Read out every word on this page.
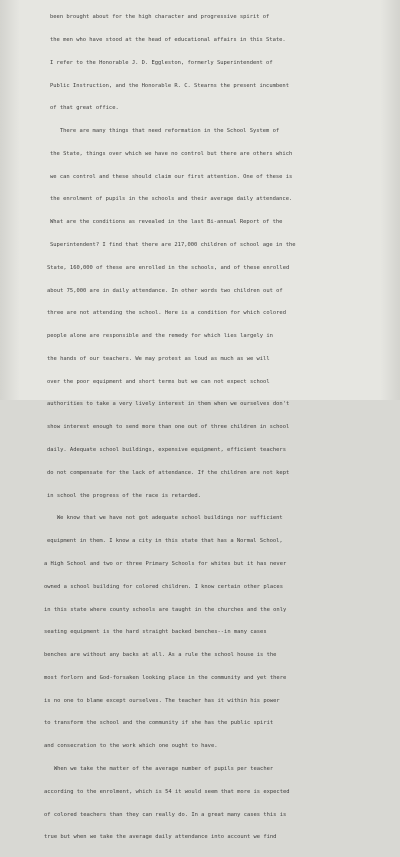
been brought about for the high character and progressive spirit of

the men who have stood at the head of educational affairs in this State.

I refer to the Honorable J. D. Eggleston, formerly Superintendent of

Public Instruction, and the Honorable R. C. Stearns the present incumbent

of that great office.

There are many things that need reformation in the School System of

the State, things over which we have no control but there are others which

we can control and these should claim our first attention. One of these is

the enrolment of pupils in the schools and their average daily attendance.

What are the conditions as revealed in the last Bi-annual Report of the

Superintendent? I find that there are 217,000 children of school age in the

State, 160,000 of these are enrolled in the schools, and of these enrolled

about 75,000 are in daily attendance. In other words two children out of

three are not attending the school. Here is a condition for which colored

people alone are responsible and the remedy for which lies largely in

the hands of our teachers. We may protest as loud as much as we will

over the poor equipment and short terms but we can not expect school

authorities to take a very lively interest in them when we ourselves don't

show interest enough to send more than one out of three children in school

daily. Adequate school buildings, expensive equipment, efficient teachers

do not compensate for the lack of attendance. If the children are not kept

in school the progress of the race is retarded.

We know that we have not got adequate school buildings nor sufficient

equipment in them. I know a city in this state that has a Normal School,

a High School and two or three Primary Schools for whites but it has never

owned a school building for colored children. I know certain other places

in this state where county schools are taught in the churches and the only

seating equipment is the hard straight backed benches--in many cases

benches are without any backs at all. As a rule the school house is the

most forlorn and God-forsaken looking place in the community and yet there

is no one to blame except ourselves. The teacher has it within his power

to transform the school and the community if she has the public spirit

and consecration to the work which one ought to have.

When we take the matter of the average number of pupils per teacher

according to the enrolment, which is 54 it would seem that more is expected

of colored teachers than they can really do. In a great many cases this is

true but when we take the average daily attendance into account we find
